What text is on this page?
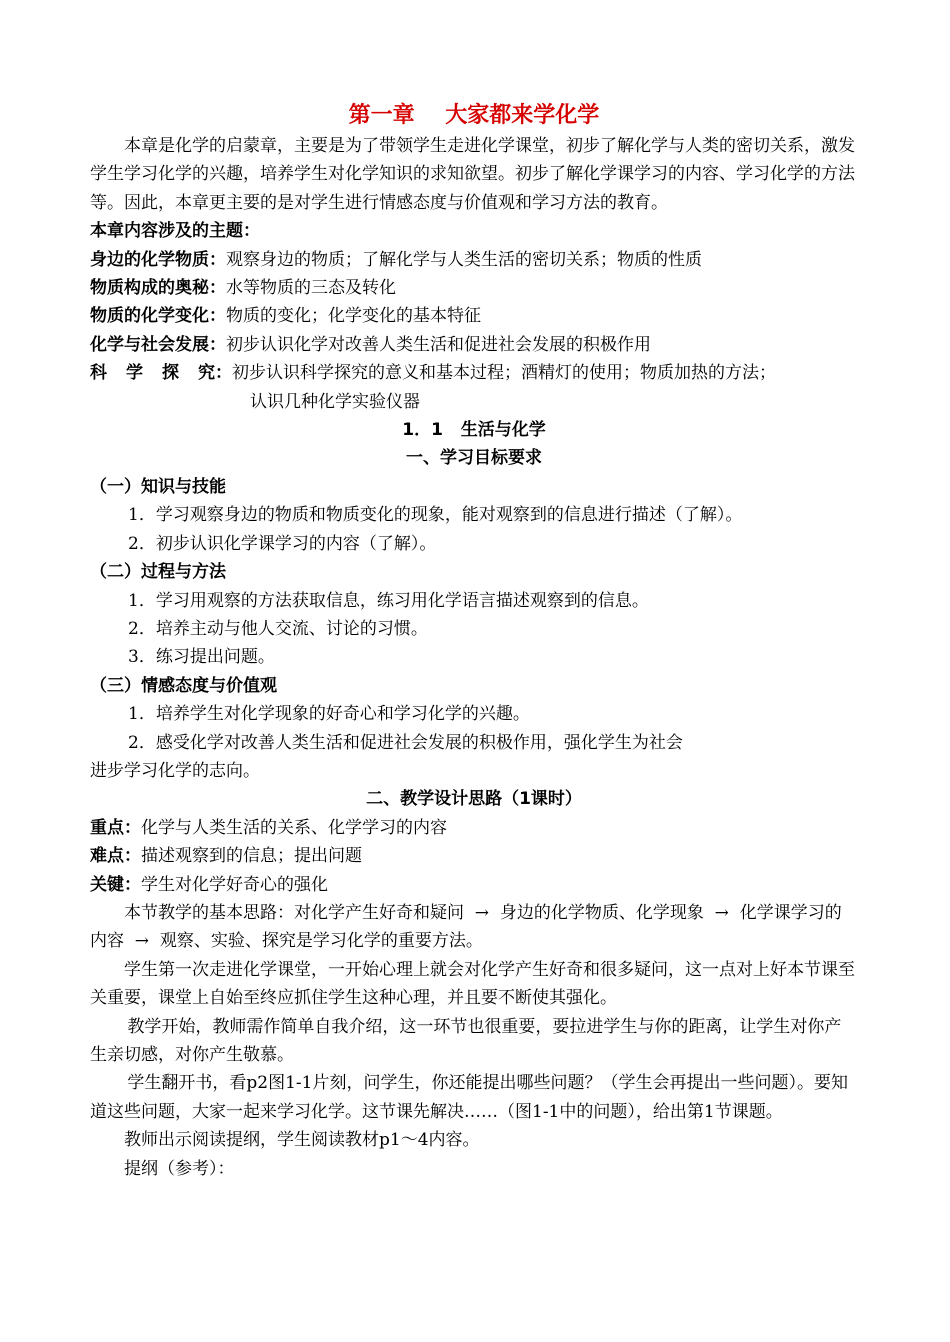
第一章    大家都来学化学

本章是化学的启蒙章，主要是为了带领学生走进化学课堂，初步了解化学与人类的密切关系，激发学生学习化学的兴趣，培养学生对化学知识的求知欲望。初步了解化学课学习的内容、学习化学的方法等。因此，本章更主要的是对学生进行情感态度与价值观和学习方法的教育。

本章内容涉及的主题：

身边的化学物质： 观察身边的物质；了解化学与人类生活的密切关系；物质的性质
物质构成的奥秘： 水等物质的三态及转化
物质的化学变化： 物质的变化；化学变化的基本特征
化学与社会发展： 初步认识化学对改善人类生活和促进社会发展的积极作用
科 学 探 究： 初步认识科学探究的意义和基本过程；酒精灯的使用；物质加热的方法；

认识几种化学实验仪器

1．1   生活与化学

一、学习目标要求

（一）知识与技能

1．学习观察身边的物质和物质变化的现象，能对观察到的信息进行描述（了解）。

2．初步认识化学课学习的内容（了解）。

（二）过程与方法

1．学习用观察的方法获取信息，练习用化学语言描述观察到的信息。

2．培养主动与他人交流、讨论的习惯。

3．练习提出问题。

（三）情感态度与价值观

1．培养学生对化学现象的好奇心和学习化学的兴趣。

2．感受化学对改善人类生活和促进社会发展的积极作用，强化学生为社会

进步学习化学的志向。

二、教学设计思路（1课时）

重点： 化学与人类生活的关系、化学学习的内容
难点： 描述观察到的信息；提出问题
关键： 学生对化学好奇心的强化

本节教学的基本思路：对化学产生好奇和疑问  →  身边的化学物质、化学现象  →  化学课学习的内容  →  观察、实验、探究是学习化学的重要方法。

学生第一次走进化学课堂，一开始心理上就会对化学产生好奇和很多疑问，这一点对上好本节课至关重要，课堂上自始至终应抓住学生这种心理，并且要不断使其强化。

教学开始，教师需作简单自我介绍，这一环节也很重要，要拉进学生与你的距离，让学生对你产生亲切感，对你产生敬慕。

学生翻开书，看p2图1-1片刻，问学生，你还能提出哪些问题？（学生会再提出一些问题）。要知道这些问题，大家一起来学习化学。这节课先解决……（图1-1中的问题），给出第1节课题。

教师出示阅读提纲，学生阅读教材p1～4内容。

提纲（参考）：
